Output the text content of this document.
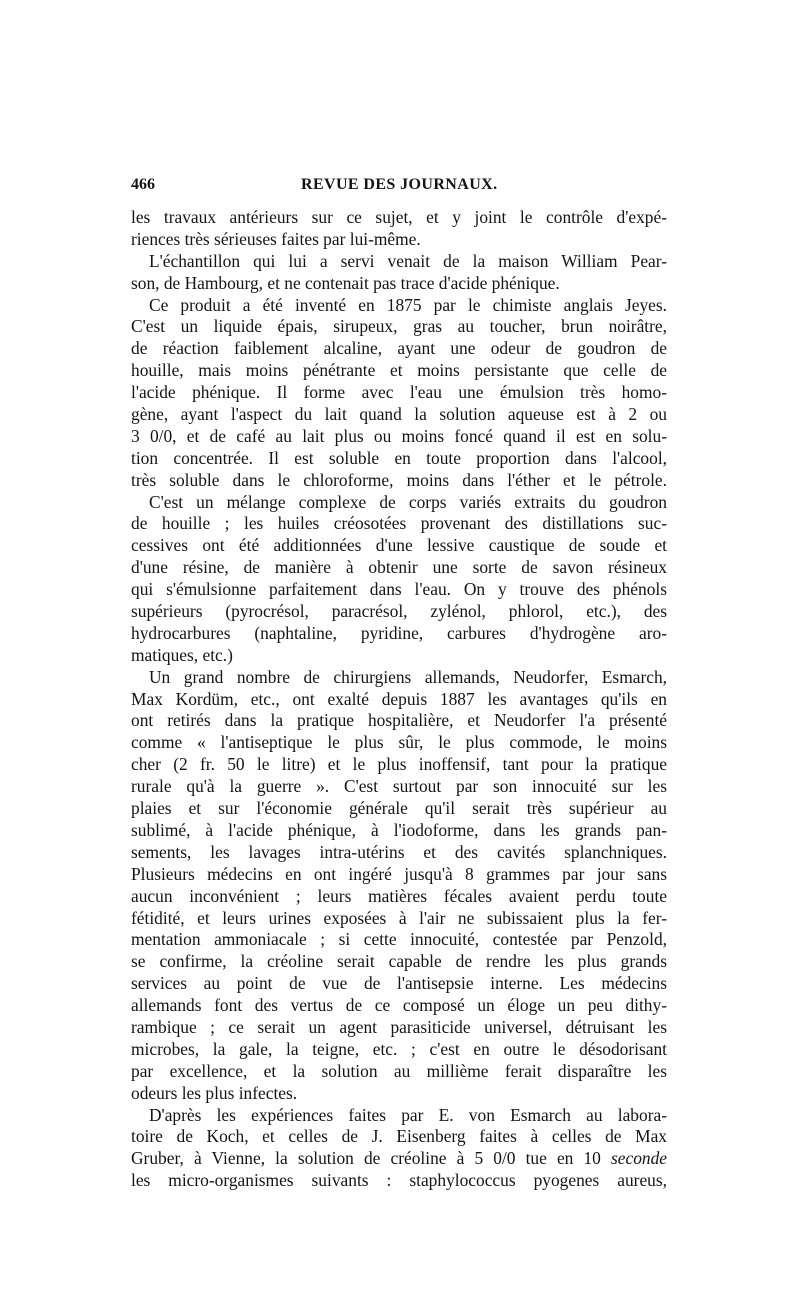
466	REVUE DES JOURNAUX.
les travaux antérieurs sur ce sujet, et y joint le contrôle d'expé-
riences très sérieuses faites par lui-même.
L'échantillon qui lui a servi venait de la maison William Pear-
son, de Hambourg, et ne contenait pas trace d'acide phénique.
Ce produit a été inventé en 1875 par le chimiste anglais Jeyes.
C'est un liquide épais, sirupeux, gras au toucher, brun noirâtre,
de réaction faiblement alcaline, ayant une odeur de goudron de
houille, mais moins pénétrante et moins persistante que celle de
l'acide phénique. Il forme avec l'eau une émulsion très homo-
gène, ayant l'aspect du lait quand la solution aqueuse est à 2 ou
3 0/0, et de café au lait plus ou moins foncé quand il est en solu-
tion concentrée. Il est soluble en toute proportion dans l'alcool,
très soluble dans le chloroforme, moins dans l'éther et le pétrole.
C'est un mélange complexe de corps variés extraits du goudron
de houille ; les huiles créosotées provenant des distillations suc-
cessives ont été additionnées d'une lessive caustique de soude et
d'une résine, de manière à obtenir une sorte de savon résineux
qui s'émulsionne parfaitement dans l'eau. On y trouve des phénols
supérieurs (pyrocrésol, paracrésol, zylénol, phlorol, etc.), des
hydrocarbures (naphtaline, pyridine, carbures d'hydrogène aro-
matiques, etc.)
Un grand nombre de chirurgiens allemands, Neudorfer, Esmarch,
Max Kordüm, etc., ont exalté depuis 1887 les avantages qu'ils en
ont retirés dans la pratique hospitalière, et Neudorfer l'a présenté
comme « l'antiseptique le plus sûr, le plus commode, le moins
cher (2 fr. 50 le litre) et le plus inoffensif, tant pour la pratique
rurale qu'à la guerre ». C'est surtout par son innocuité sur les
plaies et sur l'économie générale qu'il serait très supérieur au
sublimé, à l'acide phénique, à l'iodoforme, dans les grands pan-
sements, les lavages intra-utérins et des cavités splanchniques.
Plusieurs médecins en ont ingéré jusqu'à 8 grammes par jour sans
aucun inconvénient ; leurs matières fécales avaient perdu toute
fétidité, et leurs urines exposées à l'air ne subissaient plus la fer-
mentation ammoniacale ; si cette innocuité, contestée par Penzold,
se confirme, la créoline serait capable de rendre les plus grands
services au point de vue de l'antisepsie interne. Les médecins
allemands font des vertus de ce composé un éloge un peu dithy-
rambique ; ce serait un agent parasiticide universel, détruisant les
microbes, la gale, la teigne, etc. ; c'est en outre le désodorisant
par excellence, et la solution au millième ferait disparaître les
odeurs les plus infectes.
D'après les expériences faites par E. von Esmarch au labora-
toire de Koch, et celles de J. Eisenberg faites à celles de Max
Gruber, à Vienne, la solution de créoline à 5 0/0 tue en 10 seconde
les micro-organismes suivants : staphylococcus pyogenes aureus,
